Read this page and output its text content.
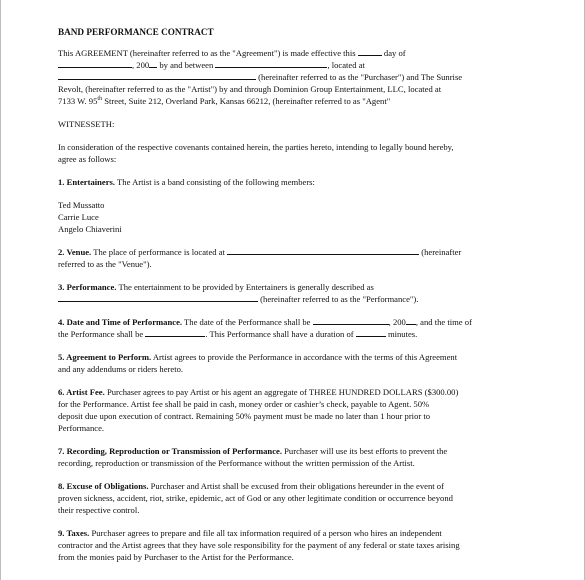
BAND PERFORMANCE CONTRACT
This AGREEMENT (hereinafter referred to as the "Agreement") is made effective this	day of
, 200 by and between	, located at
(hereinafter referred to as the "Purchaser") and The Sunrise
Revolt, (hereinafter referred to as the "Artist") by and through Dominion Group Entertainment, LLC, located at
7133 W. 95th Street, Suite 212, Overland Park, Kansas 66212, (hereinafter referred to as "Agent"
WITNESSETH:
In consideration of the respective covenants contained herein, the parties hereto, intending to legally bound hereby,
agree as follows:
1. Entertainers. The Artist is a band consisting of the following members:
Ted Mussatto
Carrie Luce
Angelo Chiaverini
2. Venue. The place of performance is located at	(hereinafter
referred to as the "Venue").
3. Performance. The entertainment to be provided by Entertainers is generally described as
(hereinafter referred to as the "Performance").
4. Date and Time of Performance. The date of the Performance shall be	, 200 , and the time of
the Performance shall be	. This Performance shall have a duration of	minutes.
5. Agreement to Perform. Artist agrees to provide the Performance in accordance with the terms of this Agreement
and any addendums or riders hereto.
6. Artist Fee. Purchaser agrees to pay Artist or his agent an aggregate of THREE HUNDRED DOLLARS ($300.00)
for the Performance. Artist fee shall be paid in cash, money order or cashier’s check, payable to Agent. 50%
deposit due upon execution of contract. Remaining 50% payment must be made no later than 1 hour prior to
Performance.
7. Recording, Reproduction or Transmission of Performance. Purchaser will use its best efforts to prevent the
recording, reproduction or transmission of the Performance without the written permission of the Artist.
8. Excuse of Obligations. Purchaser and Artist shall be excused from their obligations hereunder in the event of
proven sickness, accident, riot, strike, epidemic, act of God or any other legitimate condition or occurrence beyond
their respective control.
9. Taxes. Purchaser agrees to prepare and file all tax information required of a person who hires an independent
contractor and the Artist agrees that they have sole responsibility for the payment of any federal or state taxes arising
from the monies paid by Purchaser to the Artist for the Performance.
